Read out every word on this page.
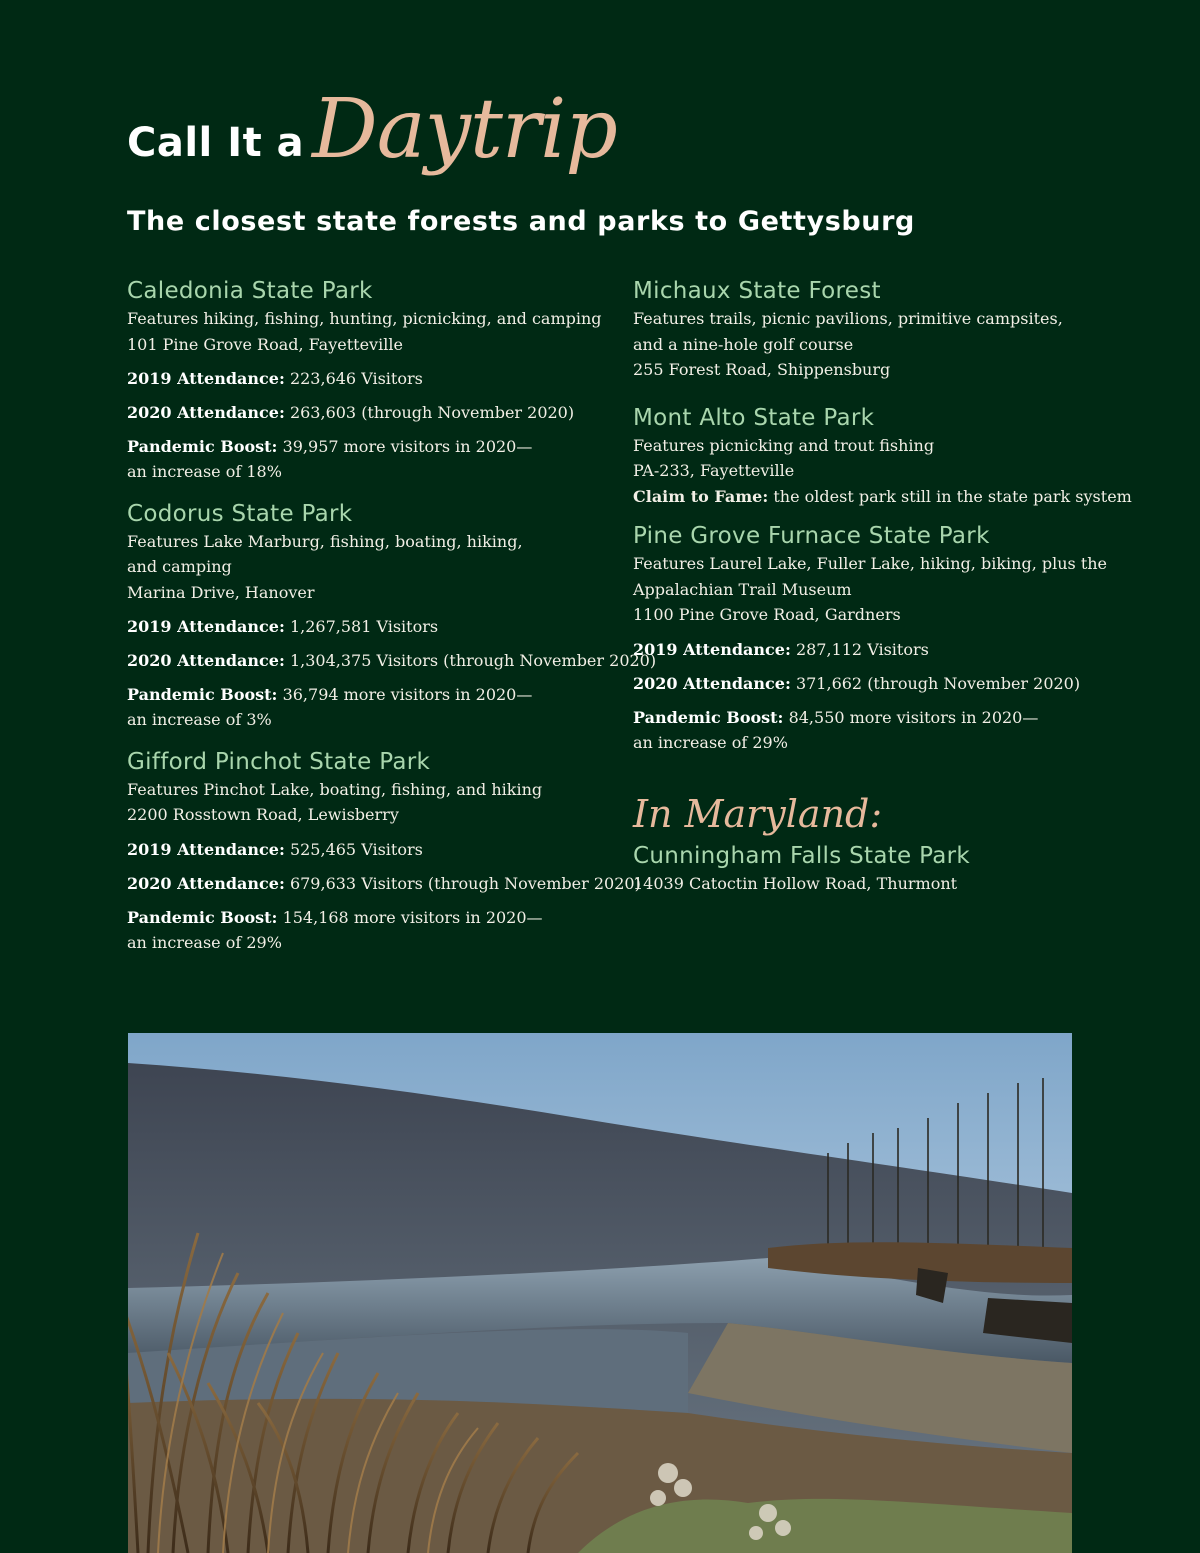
Call It a Daytrip
The closest state forests and parks to Gettysburg
Caledonia State Park
Features hiking, fishing, hunting, picnicking, and camping
101 Pine Grove Road, Fayetteville
2019 Attendance: 223,646 Visitors
2020 Attendance: 263,603 (through November 2020)
Pandemic Boost: 39,957 more visitors in 2020—
an increase of 18%
Codorus State Park
Features Lake Marburg, fishing, boating, hiking,
and camping
Marina Drive, Hanover
2019 Attendance: 1,267,581 Visitors
2020 Attendance: 1,304,375 Visitors (through November 2020)
Pandemic Boost: 36,794 more visitors in 2020—
an increase of 3%
Gifford Pinchot State Park
Features Pinchot Lake, boating, fishing, and hiking
2200 Rosstown Road, Lewisberry
2019 Attendance: 525,465 Visitors
2020 Attendance: 679,633 Visitors (through November 2020)
Pandemic Boost: 154,168 more visitors in 2020—
an increase of 29%
Michaux State Forest
Features trails, picnic pavilions, primitive campsites,
and a nine-hole golf course
255 Forest Road, Shippensburg
Mont Alto State Park
Features picnicking and trout fishing
PA-233, Fayetteville
Claim to Fame: the oldest park still in the state park system
Pine Grove Furnace State Park
Features Laurel Lake, Fuller Lake, hiking, biking, plus the
Appalachian Trail Museum
1100 Pine Grove Road, Gardners
2019 Attendance: 287,112 Visitors
2020 Attendance: 371,662 (through November 2020)
Pandemic Boost: 84,550 more visitors in 2020—
an increase of 29%
In Maryland:
Cunningham Falls State Park
14039 Catoctin Hollow Road, Thurmont
